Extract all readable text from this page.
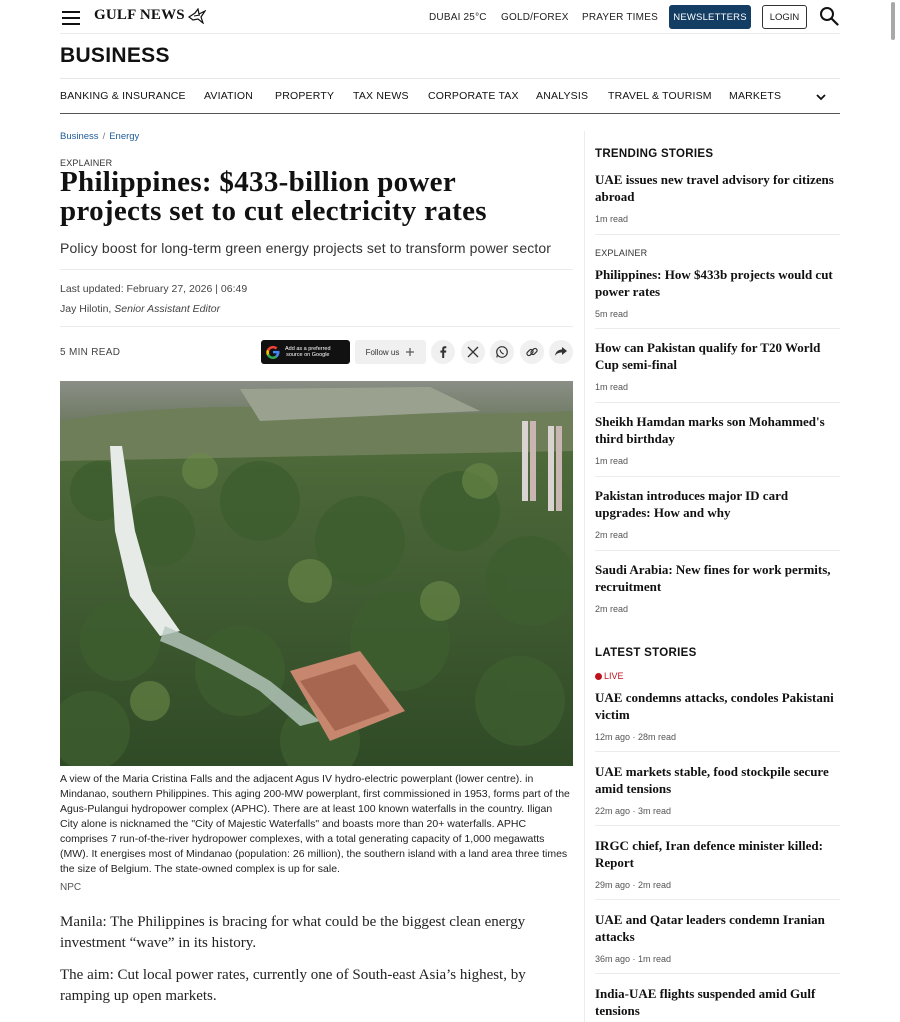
GULF NEWS	DUBAI 25°C GOLD/FOREX PRAYER TIMES	NEWSLETTERS	LOGIN
BUSINESS
BANKING & INSURANCE AVIATION PROPERTY TAX NEWS CORPORATE TAX ANALYSIS TRAVEL & TOURISM MARKETS
Business / Energy
EXPLAINER
Philippines: $433-billion power projects set to cut electricity rates
Policy boost for long-term green energy projects set to transform power sector
Last updated: February 27, 2026 | 06:49
Jay Hilotin, Senior Assistant Editor
5 MIN READ	Add as a preferred
source on Google	Follow us
A view of the Maria Cristina Falls and the adjacent Agus IV hydro-electric powerplant (lower centre). in Mindanao, southern Philippines. This aging 200-MW powerplant, first commissioned in 1953, forms part of the Agus-Pulangui hydropower complex (APHC). There are at least 100 known waterfalls in the country. Iligan City alone is nicknamed the "City of Majestic Waterfalls" and boasts more than 20+ waterfalls. APHC comprises 7 run-of-the-river hydropower complexes, with a total generating capacity of 1,000 megawatts (MW). It energises most of Mindanao (population: 26 million), the southern island with a land area three times the size of Belgium. The state-owned complex is up for sale.
NPC

Manila: The Philippines is bracing for what could be the biggest clean energy investment “wave” in its history.

The aim: Cut local power rates, currently one of South-east Asia’s highest, by ramping up open markets.

TRENDING STORIES
UAE issues new travel advisory for citizens abroad
1m read
EXPLAINER
Philippines: How $433b projects would cut power rates
5m read
How can Pakistan qualify for T20 World Cup semi-final
1m read
Sheikh Hamdan marks son Mohammed's third birthday
1m read
Pakistan introduces major ID card upgrades: How and why
2m read
Saudi Arabia: New fines for work permits, recruitment
2m read
LATEST STORIES
LIVE
UAE condemns attacks, condoles Pakistani victim
12m ago · 28m read
UAE markets stable, food stockpile secure amid tensions
22m ago · 3m read
IRGC chief, Iran defence minister killed: Report
29m ago · 2m read
UAE and Qatar leaders condemn Iranian attacks
36m ago · 1m read
India-UAE flights suspended amid Gulf tensions
